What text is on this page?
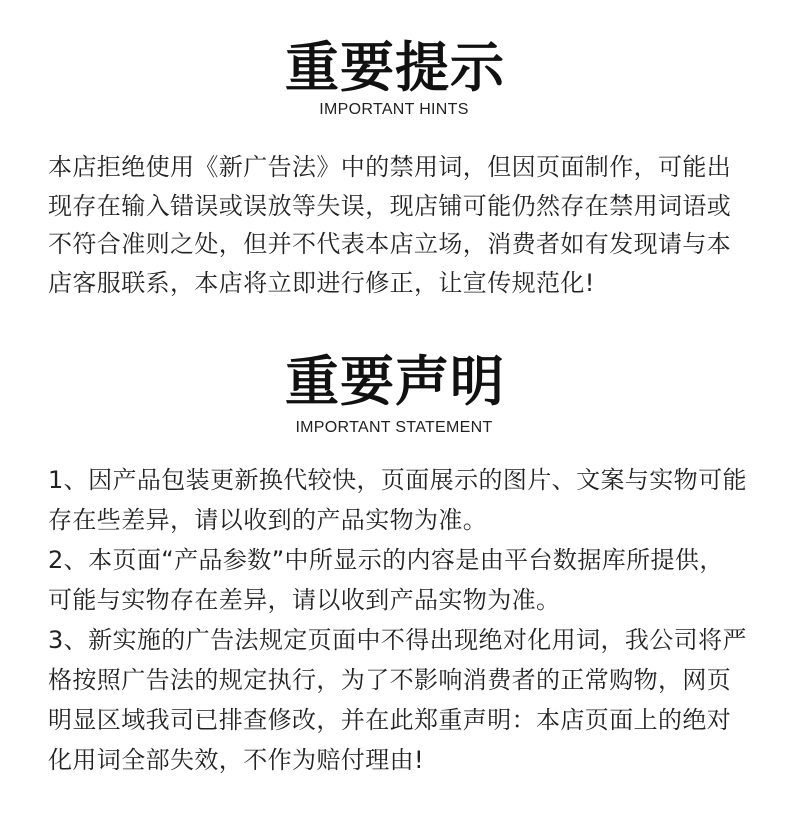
重要提示
IMPORTANT HINTS
本店拒绝使用《新广告法》中的禁用词，但因页面制作，可能出
现存在输入错误或误放等失误，现店铺可能仍然存在禁用词语或
不符合准则之处，但并不代表本店立场，消费者如有发现请与本
店客服联系，本店将立即进行修正，让宣传规范化!
重要声明
IMPORTANT STATEMENT
1、因产品包装更新换代较快，页面展示的图片、文案与实物可能
存在些差异，请以收到的产品实物为准。
2、本页面“产品参数”中所显示的内容是由平台数据库所提供，
可能与实物存在差异，请以收到产品实物为准。
3、新实施的广告法规定页面中不得出现绝对化用词，我公司将严
格按照广告法的规定执行，为了不影响消费者的正常购物，网页
明显区域我司已排查修改，并在此郑重声明：本店页面上的绝对
化用词全部失效，不作为赔付理由!
